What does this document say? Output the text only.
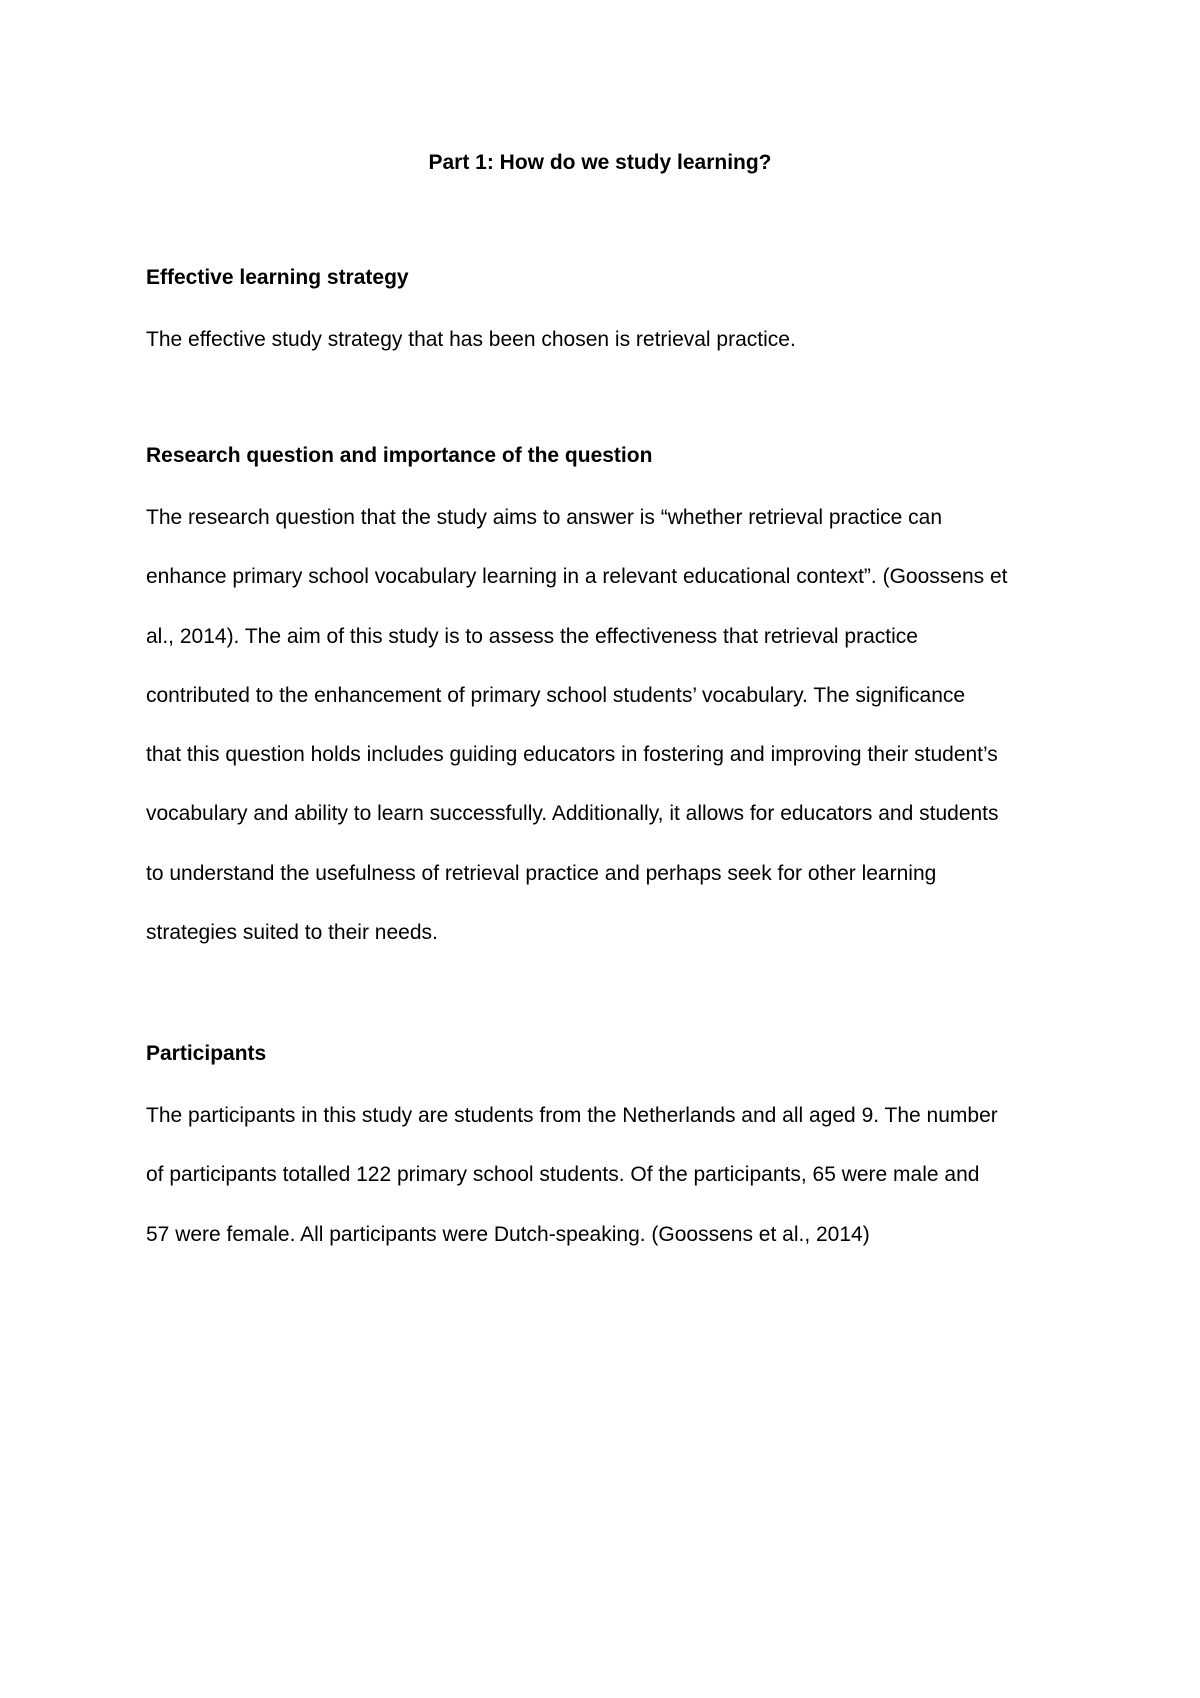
Part 1: How do we study learning?
Effective learning strategy
The effective study strategy that has been chosen is retrieval practice.
Research question and importance of the question
The research question that the study aims to answer is “whether retrieval practice can
enhance primary school vocabulary learning in a relevant educational context”. (Goossens et
al., 2014). The aim of this study is to assess the effectiveness that retrieval practice
contributed to the enhancement of primary school students’ vocabulary. The significance
that this question holds includes guiding educators in fostering and improving their student’s
vocabulary and ability to learn successfully. Additionally, it allows for educators and students
to understand the usefulness of retrieval practice and perhaps seek for other learning
strategies suited to their needs.
Participants
The participants in this study are students from the Netherlands and all aged 9. The number
of participants totalled 122 primary school students. Of the participants, 65 were male and
57 were female. All participants were Dutch-speaking. (Goossens et al., 2014)
